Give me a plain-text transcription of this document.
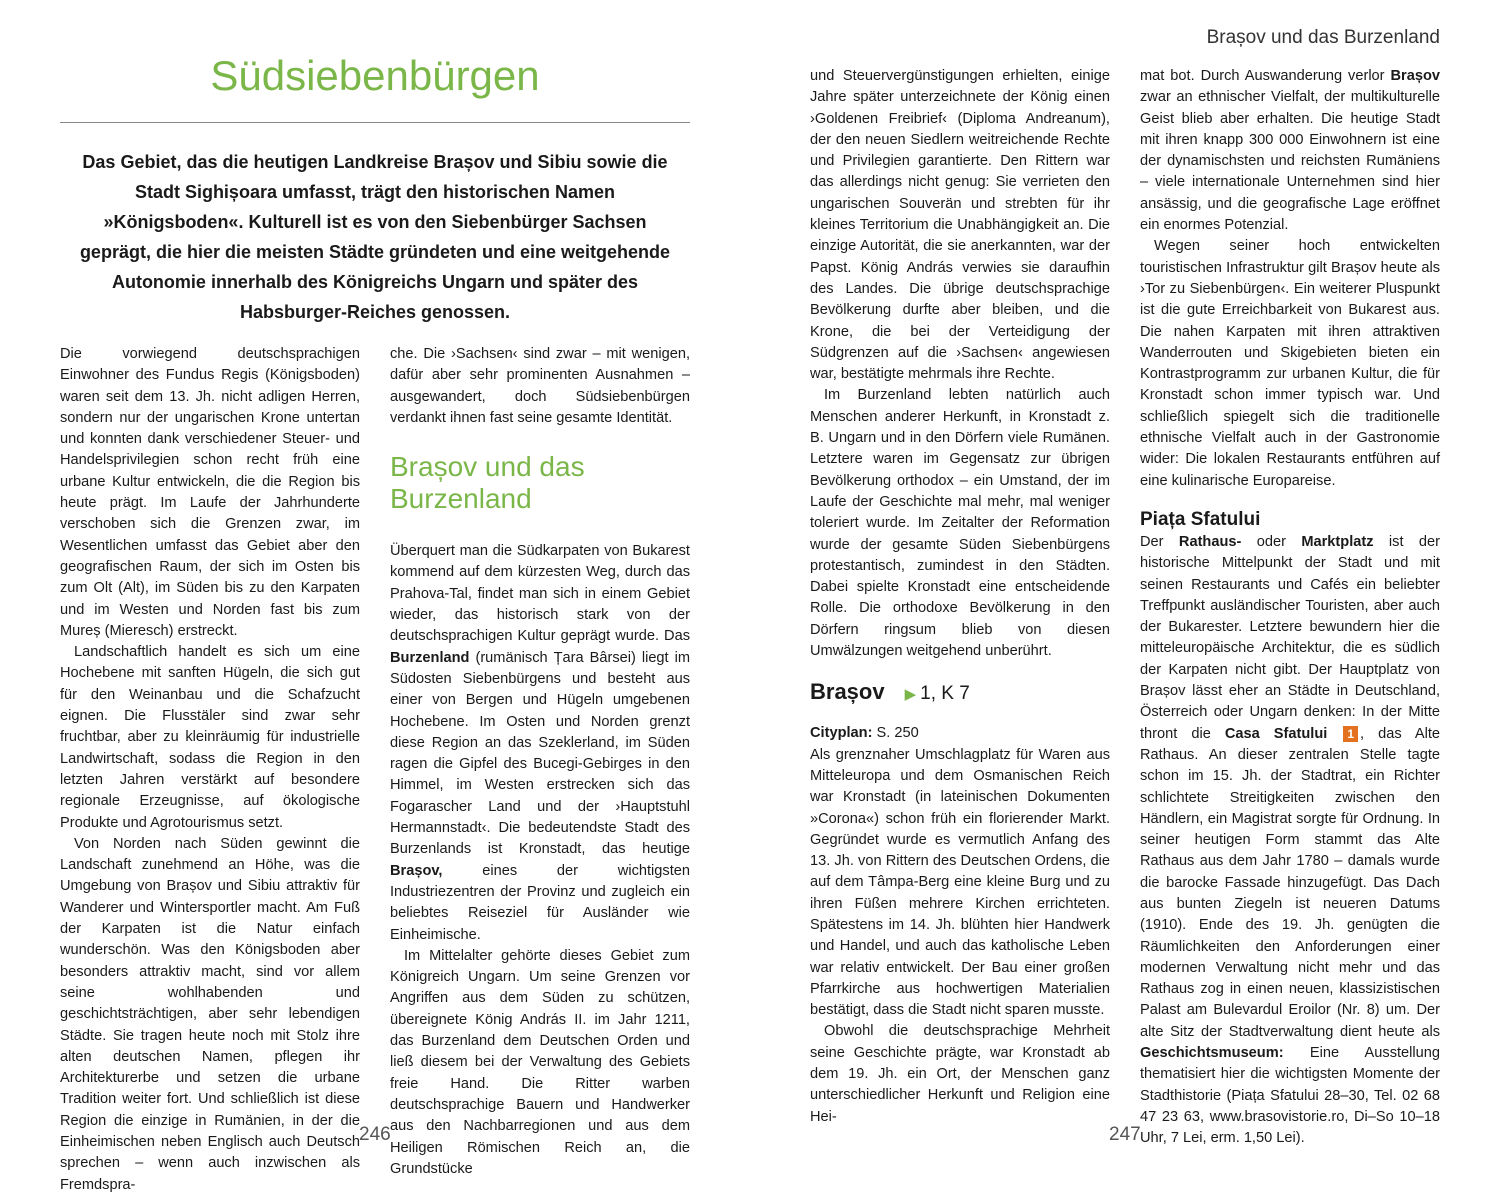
Südsiebenbürgen

Das Gebiet, das die heutigen Landkreise Brașov und Sibiu sowie die Stadt Sighișoara umfasst, trägt den historischen Namen »Königsboden«. Kulturell ist es von den Siebenbürger Sachsen geprägt, die hier die meisten Städte gründeten und eine weitgehende Autonomie innerhalb des Königreichs Ungarn und später des Habsburger-Reiches genossen.

Die vorwiegend deutschsprachigen Einwohner des Fundus Regis (Königsboden) waren seit dem 13. Jh. nicht adligen Herren, sondern nur der ungarischen Krone untertan und konnten dank verschiedener Steuer- und Handelsprivilegien schon recht früh eine urbane Kultur entwickeln, die die Region bis heute prägt. Im Laufe der Jahrhunderte verschoben sich die Grenzen zwar, im Wesentlichen umfasst das Gebiet aber den geografischen Raum, der sich im Osten bis zum Olt (Alt), im Süden bis zu den Karpaten und im Westen und Norden fast bis zum Mureș (Mieresch) erstreckt.

Landschaftlich handelt es sich um eine Hochebene mit sanften Hügeln, die sich gut für den Weinanbau und die Schafzucht eignen. Die Flusstäler sind zwar sehr fruchtbar, aber zu kleinräumig für industrielle Landwirtschaft, sodass die Region in den letzten Jahren verstärkt auf besondere regionale Erzeugnisse, auf ökologische Produkte und Agrotourismus setzt.

Von Norden nach Süden gewinnt die Landschaft zunehmend an Höhe, was die Umgebung von Brașov und Sibiu attraktiv für Wanderer und Wintersportler macht. Am Fuß der Karpaten ist die Natur einfach wunderschön. Was den Königsboden aber besonders attraktiv macht, sind vor allem seine wohlhabenden und geschichtsträchtigen, aber sehr lebendigen Städte. Sie tragen heute noch mit Stolz ihre alten deutschen Namen, pflegen ihr Architekturerbe und setzen die urbane Tradition weiter fort. Und schließlich ist diese Region die einzige in Rumänien, in der die Einheimischen neben Englisch auch Deutsch sprechen – wenn auch inzwischen als Fremdspra-

che. Die ›Sachsen‹ sind zwar – mit wenigen, dafür aber sehr prominenten Ausnahmen – ausgewandert, doch Südsiebenbürgen verdankt ihnen fast seine gesamte Identität.

Brașov und das Burzenland

Überquert man die Südkarpaten von Bukarest kommend auf dem kürzesten Weg, durch das Prahova-Tal, findet man sich in einem Gebiet wieder, das historisch stark von der deutschsprachigen Kultur geprägt wurde. Das Burzenland (rumänisch Țara Bârsei) liegt im Südosten Siebenbürgens und besteht aus einer von Bergen und Hügeln umgebenen Hochebene. Im Osten und Norden grenzt diese Region an das Szeklerland, im Süden ragen die Gipfel des Bucegi-Gebirges in den Himmel, im Westen erstrecken sich das Fogarascher Land und der ›Hauptstuhl Hermannstadt‹. Die bedeutendste Stadt des Burzenlands ist Kronstadt, das heutige Brașov, eines der wichtigsten Industriezentren der Provinz und zugleich ein beliebtes Reiseziel für Ausländer wie Einheimische.

Im Mittelalter gehörte dieses Gebiet zum Königreich Ungarn. Um seine Grenzen vor Angriffen aus dem Süden zu schützen, übereignete König András II. im Jahr 1211, das Burzenland dem Deutschen Orden und ließ diesem bei der Verwaltung des Gebiets freie Hand. Die Ritter warben deutschsprachige Bauern und Handwerker aus den Nachbarregionen und aus dem Heiligen Römischen Reich an, die Grundstücke

246
Brașov und das Burzenland

und Steuervergünstigungen erhielten, einige Jahre später unterzeichnete der König einen ›Goldenen Freibrief‹ (Diploma Andreanum), der den neuen Siedlern weitreichende Rechte und Privilegien garantierte. Den Rittern war das allerdings nicht genug: Sie verrieten den ungarischen Souverän und strebten für ihr kleines Territorium die Unabhängigkeit an. Die einzige Autorität, die sie anerkannten, war der Papst. König András verwies sie daraufhin des Landes. Die übrige deutschsprachige Bevölkerung durfte aber bleiben, und die Krone, die bei der Verteidigung der Südgrenzen auf die ›Sachsen‹ angewiesen war, bestätigte mehrmals ihre Rechte.

Im Burzenland lebten natürlich auch Menschen anderer Herkunft, in Kronstadt z. B. Ungarn und in den Dörfern viele Rumänen. Letztere waren im Gegensatz zur übrigen Bevölkerung orthodox – ein Umstand, der im Laufe der Geschichte mal mehr, mal weniger toleriert wurde. Im Zeitalter der Reformation wurde der gesamte Süden Siebenbürgens protestantisch, zumindest in den Städten. Dabei spielte Kronstadt eine entscheidende Rolle. Die orthodoxe Bevölkerung in den Dörfern ringsum blieb von diesen Umwälzungen weitgehend unberührt.

Brașov ▶ 1, K 7

Cityplan: S. 250

Als grenznaher Umschlagplatz für Waren aus Mitteleuropa und dem Osmanischen Reich war Kronstadt (in lateinischen Dokumenten »Corona«) schon früh ein florierender Markt. Gegründet wurde es vermutlich Anfang des 13. Jh. von Rittern des Deutschen Ordens, die auf dem Tâmpa-Berg eine kleine Burg und zu ihren Füßen mehrere Kirchen errichteten. Spätestens im 14. Jh. blühten hier Handwerk und Handel, und auch das katholische Leben war relativ entwickelt. Der Bau einer großen Pfarrkirche aus hochwertigen Materialien bestätigt, dass die Stadt nicht sparen musste.

Obwohl die deutschsprachige Mehrheit seine Geschichte prägte, war Kronstadt ab dem 19. Jh. ein Ort, der Menschen ganz unterschiedlicher Herkunft und Religion eine Hei-

mat bot. Durch Auswanderung verlor Brașov zwar an ethnischer Vielfalt, der multikulturelle Geist blieb aber erhalten. Die heutige Stadt mit ihren knapp 300 000 Einwohnern ist eine der dynamischsten und reichsten Rumäniens – viele internationale Unternehmen sind hier ansässig, und die geografische Lage eröffnet ein enormes Potenzial.

Wegen seiner hoch entwickelten touristischen Infrastruktur gilt Brașov heute als ›Tor zu Siebenbürgen‹. Ein weiterer Pluspunkt ist die gute Erreichbarkeit von Bukarest aus. Die nahen Karpaten mit ihren attraktiven Wanderrouten und Skigebieten bieten ein Kontrastprogramm zur urbanen Kultur, die für Kronstadt schon immer typisch war. Und schließlich spiegelt sich die traditionelle ethnische Vielfalt auch in der Gastronomie wider: Die lokalen Restaurants entführen auf eine kulinarische Europareise.

Piața Sfatului

Der Rathaus- oder Marktplatz ist der historische Mittelpunkt der Stadt und mit seinen Restaurants und Cafés ein beliebter Treffpunkt ausländischer Touristen, aber auch der Bukarester. Letztere bewundern hier die mitteleuropäische Architektur, die es südlich der Karpaten nicht gibt. Der Hauptplatz von Brașov lässt eher an Städte in Deutschland, Österreich oder Ungarn denken: In der Mitte thront die Casa Sfatului 1 , das Alte Rathaus. An dieser zentralen Stelle tagte schon im 15. Jh. der Stadtrat, ein Richter schlichtete Streitigkeiten zwischen den Händlern, ein Magistrat sorgte für Ordnung. In seiner heutigen Form stammt das Alte Rathaus aus dem Jahr 1780 – damals wurde die barocke Fassade hinzugefügt. Das Dach aus bunten Ziegeln ist neueren Datums (1910). Ende des 19. Jh. genügten die Räumlichkeiten den Anforderungen einer modernen Verwaltung nicht mehr und das Rathaus zog in einen neuen, klassizistischen Palast am Bulevardul Eroilor (Nr. 8) um. Der alte Sitz der Stadtverwaltung dient heute als Geschichtsmuseum: Eine Ausstellung thematisiert hier die wichtigsten Momente der Stadthistorie (Piața Sfatului 28–30, Tel. 02 68 47 23 63, www.brasovistorie.ro, Di–So 10–18 Uhr, 7 Lei, erm. 1,50 Lei).

247
